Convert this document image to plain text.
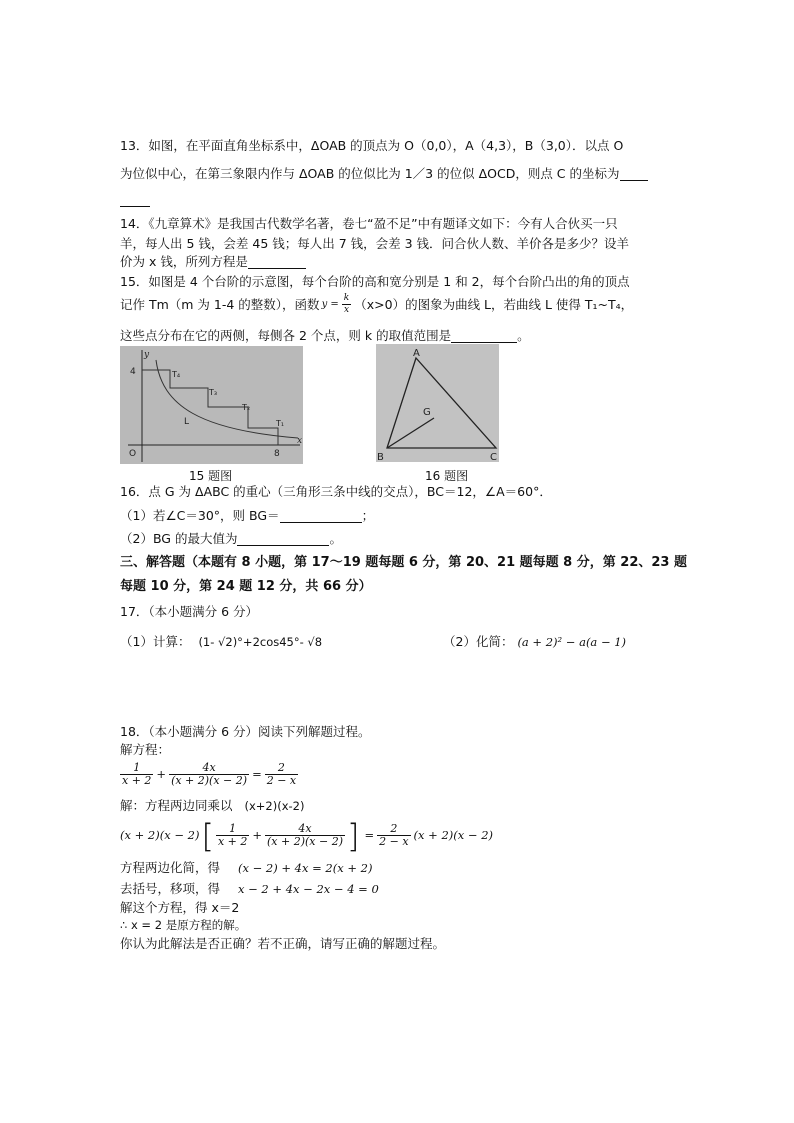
13．如图，在平面直角坐标系中，ΔOAB 的顶点为 O（0,0），A（4,3），B（3,0）．以点 O
为位似中心，在第三象限内作与 ΔOAB 的位似比为 1／3 的位似 ΔOCD，则点 C 的坐标为
14．《九章算术》是我国古代数学名著，卷七“盈不足”中有题译文如下：今有人合伙买一只
羊，每人出 5 钱，会差 45 钱；每人出 7 钱，会差 3 钱．问合伙人数、羊价各是多少？设羊
价为 x 钱，所列方程是
15．如图是 4 个台阶的示意图，每个台阶的高和宽分别是 1 和 2，每个台阶凸出的角的顶点
记作 Tm（m 为 1-4 的整数），函数 $y = \frac{k}{x} (x>0)$的图象为曲线 L，若曲线 L 使得 T₁~T₄，
这些点分布在它的两侧，每侧各 2 个点，则 k 的取值范围是	。
y
x
O
4
8
L
T₄
T₃
T₂
T₁
15 题图
A
B	C
G
16 题图
16．点 G 为 ΔABC 的重心（三角形三条中线的交点），BC＝12，∠A＝60°．
（1）若∠C＝30°，则 BG＝	；
（2）BG 的最大值为	。
三、解答题（本题有 8 小题，第 17～19 题每题 6 分，第 20、21 题每题 8 分，第 22、23 题
每题 10 分，第 24 题 12 分，共 66 分）
17．（本小题满分 6 分）
（1）计算： (1- √2)°+2cos45°- √8	（2）化简： (a + 2)² − a(a − 1)
18．（本小题满分 6 分）阅读下列解题过程。
解方程：
$\frac{1}{x + 2} + \frac{4x}{(x + 2)(x - 2)} = \frac{2}{2 - x}$
解：方程两边同乘以 (x+2)(x-2)
(x + 2)(x − 2) [ $\frac{1}{x + 2} + \frac{4x}{(x + 2)(x - 2)}$ ] = $\frac{2}{2 - x} (x + 2)(x - 2)$
方程两边化简，得 (x − 2) + 4x = 2(x + 2)
去括号，移项，得 x − 2 + 4x − 2x − 4 = 0
解这个方程，得 x＝2
∴ x = 2 是原方程的解。
你认为此解法是否正确？若不正确，请写正确的解题过程。
